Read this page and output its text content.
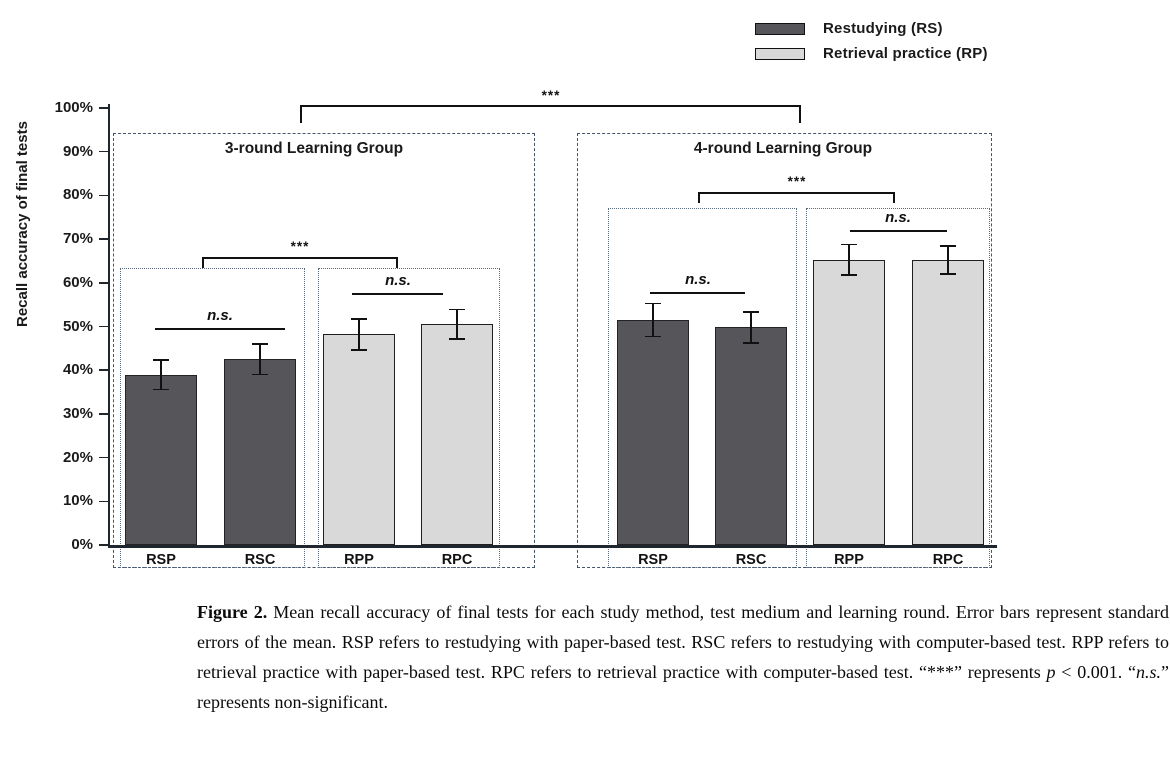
Restudying (RS)
Retrieval practice (RP)
Recall accuracy of final tests	3-round Learning Group	4-round Learning Group
0%
10%
20%
30%
40%
50%
60%
70%
80%
90%
100%
RSP	RSC	RPP	RPC	RSP	RSC	RPP	RPC
n.s.
n.s.
***
n.s.
n.s.
***
***
Figure 2. Mean recall accuracy of final tests for each study method, test medium and learning round. Error bars represent standard errors of the mean. RSP refers to restudying with paper-based test. RSC refers to restudying with computer-based test. RPP refers to retrieval practice with paper-based test. RPC refers to retrieval practice with computer-based test. “***” represents p < 0.001. “n.s.” represents non-significant.
